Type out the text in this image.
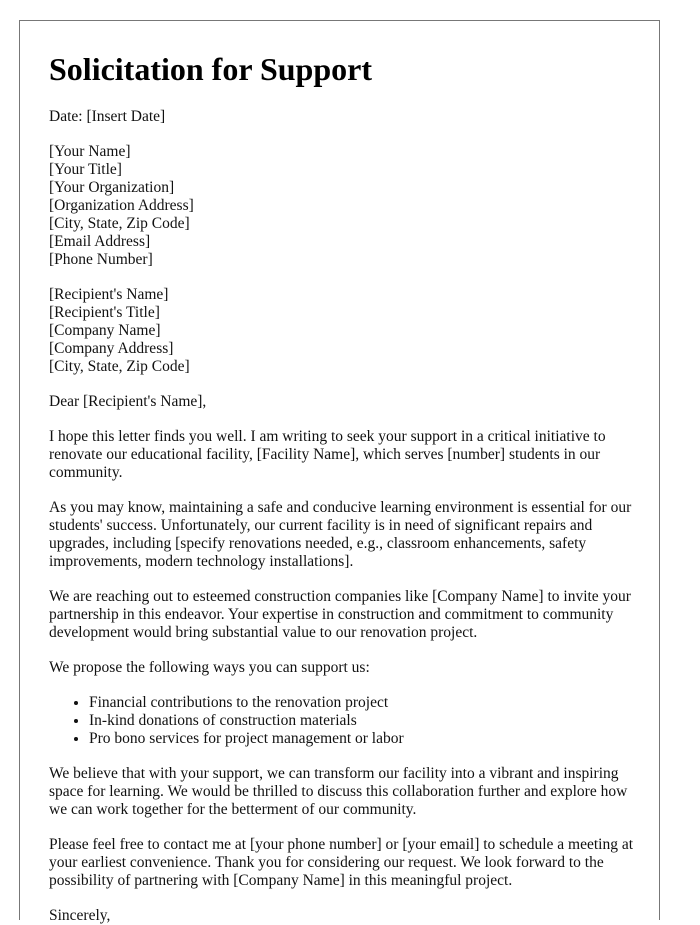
Solicitation for Support

Date: [Insert Date]

[Your Name]
[Your Title]
[Your Organization]
[Organization Address]
[City, State, Zip Code]
[Email Address]
[Phone Number]
[Recipient's Name]
[Recipient's Title]
[Company Name]
[Company Address]
[City, State, Zip Code]

Dear [Recipient's Name],

I hope this letter finds you well. I am writing to seek your support in a critical initiative to renovate our educational facility, [Facility Name], which serves [number] students in our community.

As you may know, maintaining a safe and conducive learning environment is essential for our students' success. Unfortunately, our current facility is in need of significant repairs and upgrades, including [specify renovations needed, e.g., classroom enhancements, safety improvements, modern technology installations].

We are reaching out to esteemed construction companies like [Company Name] to invite your partnership in this endeavor. Your expertise in construction and commitment to community development would bring substantial value to our renovation project.

We propose the following ways you can support us:

• Financial contributions to the renovation project
• In-kind donations of construction materials
• Pro bono services for project management or labor

We believe that with your support, we can transform our facility into a vibrant and inspiring space for learning. We would be thrilled to discuss this collaboration further and explore how we can work together for the betterment of our community.

Please feel free to contact me at [your phone number] or [your email] to schedule a meeting at your earliest convenience. Thank you for considering our request. We look forward to the possibility of partnering with [Company Name] in this meaningful project.

Sincerely,
